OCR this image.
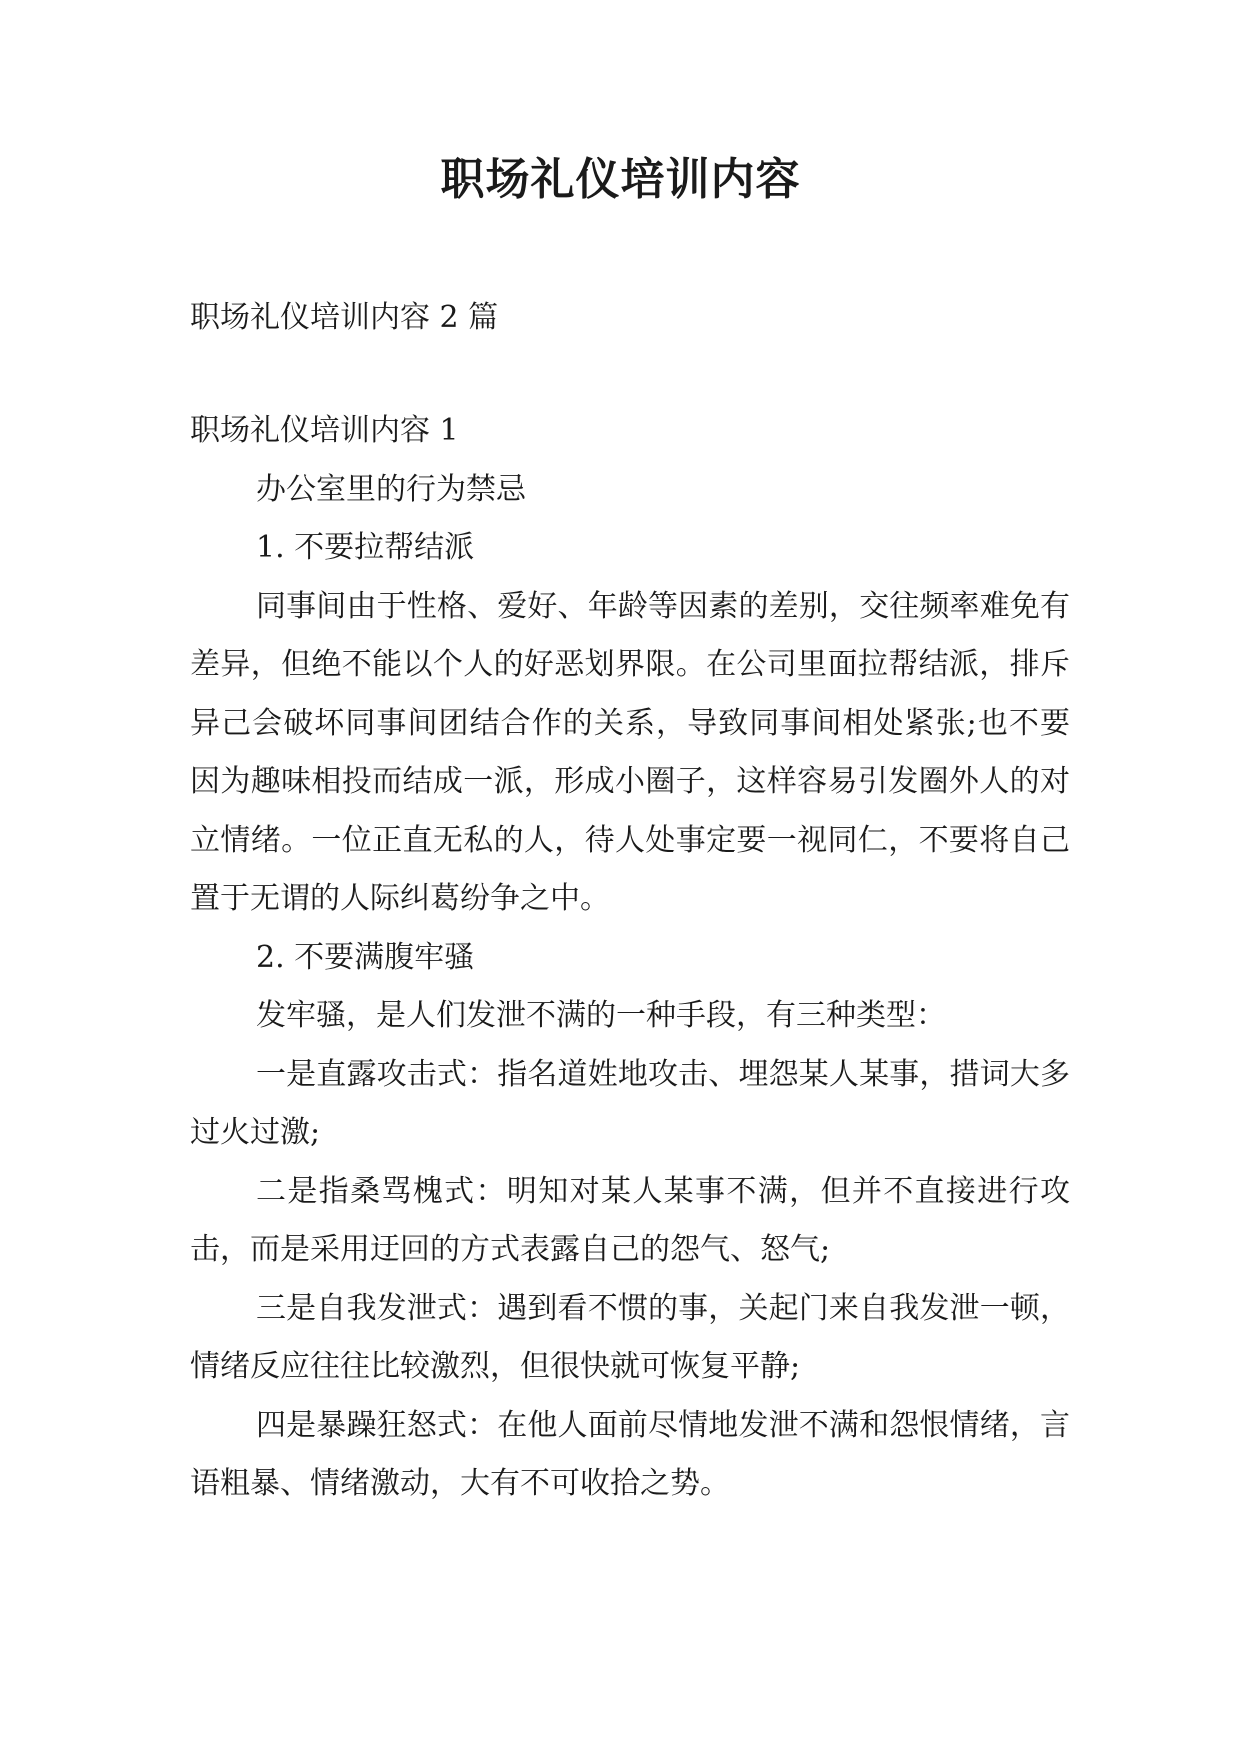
职场礼仪培训内容

职场礼仪培训内容 2 篇

职场礼仪培训内容 1

办公室里的行为禁忌

1. 不要拉帮结派

同事间由于性格、爱好、年龄等因素的差别，交往频率难免有差异，但绝不能以个人的好恶划界限。在公司里面拉帮结派，排斥异己会破坏同事间团结合作的关系，导致同事间相处紧张;也不要因为趣味相投而结成一派，形成小圈子，这样容易引发圈外人的对立情绪。一位正直无私的人，待人处事定要一视同仁，不要将自己置于无谓的人际纠葛纷争之中。

2. 不要满腹牢骚

发牢骚，是人们发泄不满的一种手段，有三种类型：

一是直露攻击式：指名道姓地攻击、埋怨某人某事，措词大多过火过激;

二是指桑骂槐式：明知对某人某事不满，但并不直接进行攻击，而是采用迂回的方式表露自己的怨气、怒气;

三是自我发泄式：遇到看不惯的事，关起门来自我发泄一顿，情绪反应往往比较激烈，但很快就可恢复平静;

四是暴躁狂怒式：在他人面前尽情地发泄不满和怨恨情绪，言语粗暴、情绪激动，大有不可收拾之势。
